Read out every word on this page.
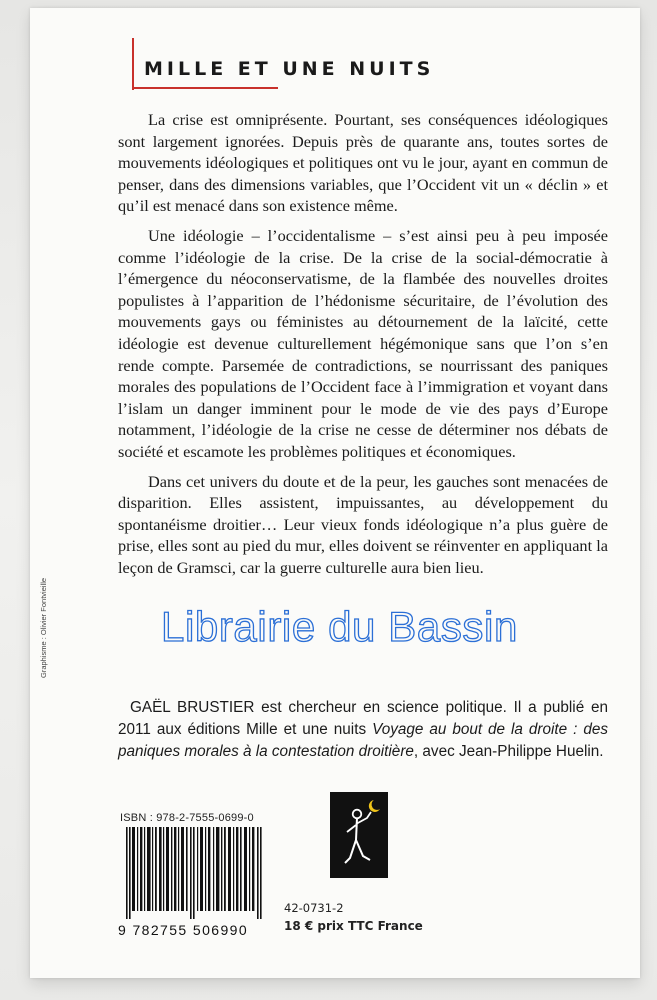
MILLE ET UNE NUITS

La crise est omniprésente. Pourtant, ses conséquences idéologiques sont largement ignorées. Depuis près de quarante ans, toutes sortes de mouvements idéologiques et politiques ont vu le jour, ayant en commun de penser, dans des dimensions variables, que l’Occident vit un « déclin » et qu’il est menacé dans son existence même.

Une idéologie – l’occidentalisme – s’est ainsi peu à peu imposée comme l’idéologie de la crise. De la crise de la social-démocratie à l’émergence du néoconservatisme, de la flambée des nouvelles droites populistes à l’apparition de l’hédonisme sécuritaire, de l’évolution des mouvements gays ou féministes au détournement de la laïcité, cette idéologie est devenue culturellement hégémonique sans que l’on s’en rende compte. Parsemée de contradictions, se nourrissant des paniques morales des populations de l’Occident face à l’immigration et voyant dans l’islam un danger imminent pour le mode de vie des pays d’Europe notamment, l’idéologie de la crise ne cesse de déterminer nos débats de société et escamote les problèmes politiques et économiques.

Dans cet univers du doute et de la peur, les gauches sont menacées de disparition. Elles assistent, impuissantes, au développement du spontanéisme droitier… Leur vieux fonds idéologique n’a plus guère de prise, elles sont au pied du mur, elles doivent se réinventer en appliquant la leçon de Gramsci, car la guerre culturelle aura bien lieu.

GAËL BRUSTIER est chercheur en science politique. Il a publié en 2011 aux éditions Mille et une nuits Voyage au bout de la droite : des paniques morales à la contestation droitière, avec Jean-Philippe Huelin.

ISBN : 978-2-7555-0699-0
9 782755 506990
42-0731-2
18 € prix TTC France
Graphisme : Olivier Fontvieille	Librairie du Bassin
